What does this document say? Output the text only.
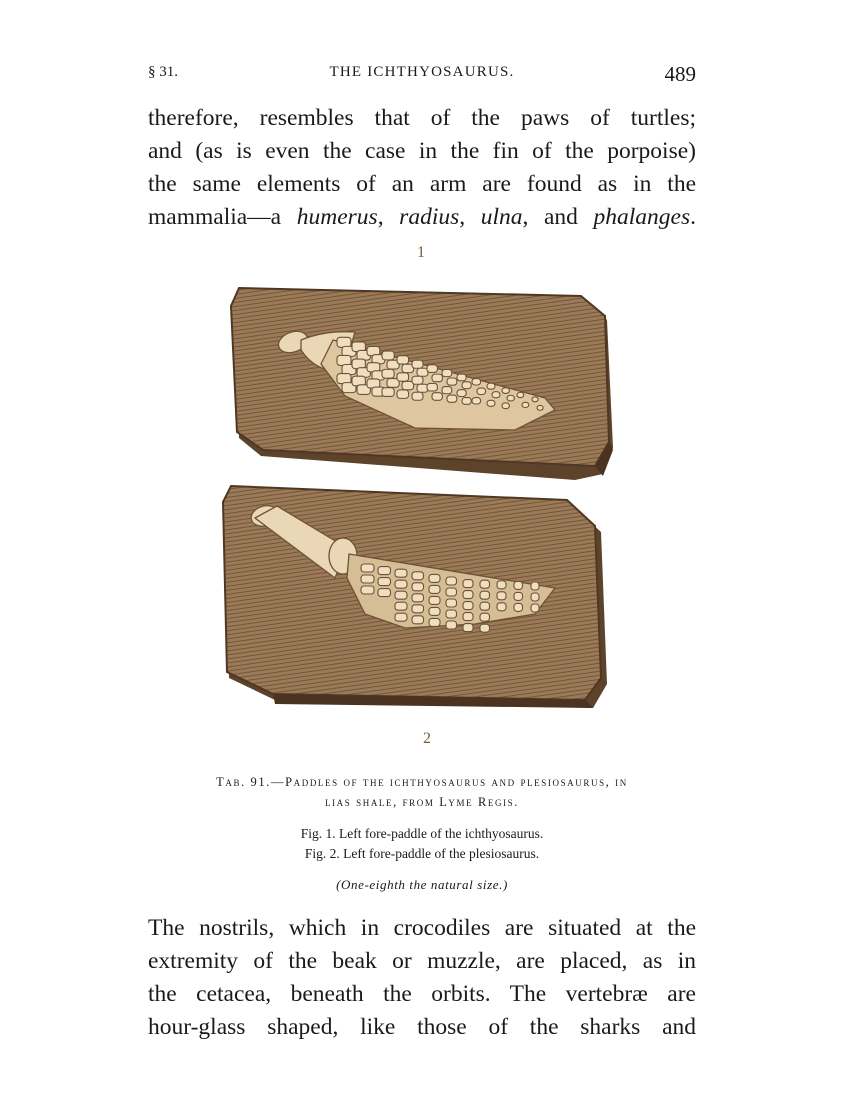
§ 31.	THE ICHTHYOSAURUS.	489
therefore, resembles that of the paws of turtles;
and (as is even the case in the fin of the porpoise)
the same elements of an arm are found as in the
mammalia—a humerus, radius, ulna, and phalanges.
1
2
Tab. 91.—Paddles of the ichthyosaurus and plesiosaurus, in
lias shale, from Lyme Regis.
Fig. 1. Left fore-paddle of the ichthyosaurus.
Fig. 2. Left fore-paddle of the plesiosaurus.
(One-eighth the natural size.)
The nostrils, which in crocodiles are situated at the
extremity of the beak or muzzle, are placed, as in
the cetacea, beneath the orbits. The vertebræ are
hour-glass shaped, like those of the sharks and
